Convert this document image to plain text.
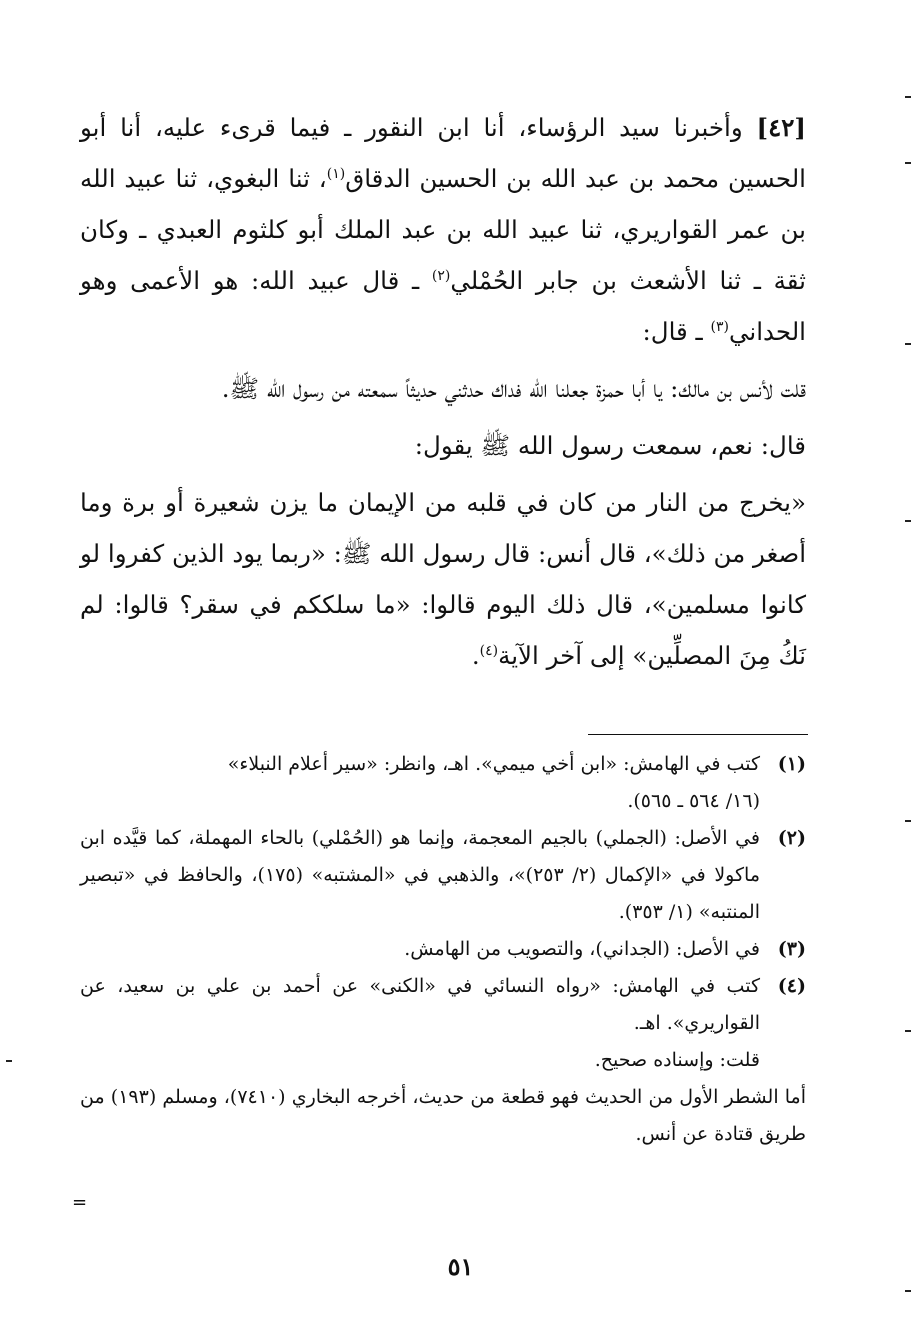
[٤٢] وأخبرنا سيد الرؤساء، أنا ابن النقور ـ فيما قرىء عليه، أنا أبو الحسين محمد بن عبد الله بن الحسين الدقاق$^{(١)}$، ثنا البغوي، ثنا عبيد الله بن عمر القواريري، ثنا عبيد الله بن عبد الملك أبو كلثوم العبدي ـ وكان ثقة ـ ثنا الأشعث بن جابر الحُمْلي$^{(٢)}$ ـ قال عبيد الله: هو الأعمى وهو الحداني$^{(٣)}$ ـ قال:

قلت لأنس بن مالك: يا أبا حمزة جعلنا الله فداك حدثني حديثاً سمعته من رسول الله ﷺ.

قال: نعم، سمعت رسول الله ﷺ يقول:

«يخرج من النار من كان في قلبه من الإيمان ما يزن شعيرة أو برة وما أصغر من ذلك»، قال أنس: قال رسول الله ﷺ: «ربما يود الذين كفروا لو كانوا مسلمين»، قال ذلك اليوم قالوا: «ما سلككم في سقر؟ قالوا: لم نَكُ مِنَ المصلِّين» إلى آخر الآية$^{(٤)}$.

(١)
كتب في الهامش: «ابن أخي ميمي». اهـ، وانظر: «سير أعلام النبلاء»
(١٦/ ٥٦٤ ـ ٥٦٥).
(٢)
في الأصل: (الجملي) بالجيم المعجمة، وإنما هو (الحُمْلي) بالحاء المهملة، كما قيَّده ابن ماكولا في «الإكمال (٢/ ٢٥٣)»، والذهبي في «المشتبه» (١٧٥)، والحافظ في «تبصير المنتبه» (١/ ٣٥٣).
(٣)
في الأصل: (الجداني)، والتصويب من الهامش.
(٤)
كتب في الهامش: «رواه النسائي في «الكنى» عن أحمد بن علي بن سعيد، عن القواريري». اهـ.
قلت: وإسناده صحيح.
أما الشطر الأول من الحديث فهو قطعة من حديث، أخرجه البخاري (٧٤١٠)، ومسلم (١٩٣) من طريق قتادة عن أنس.
=
٥١
